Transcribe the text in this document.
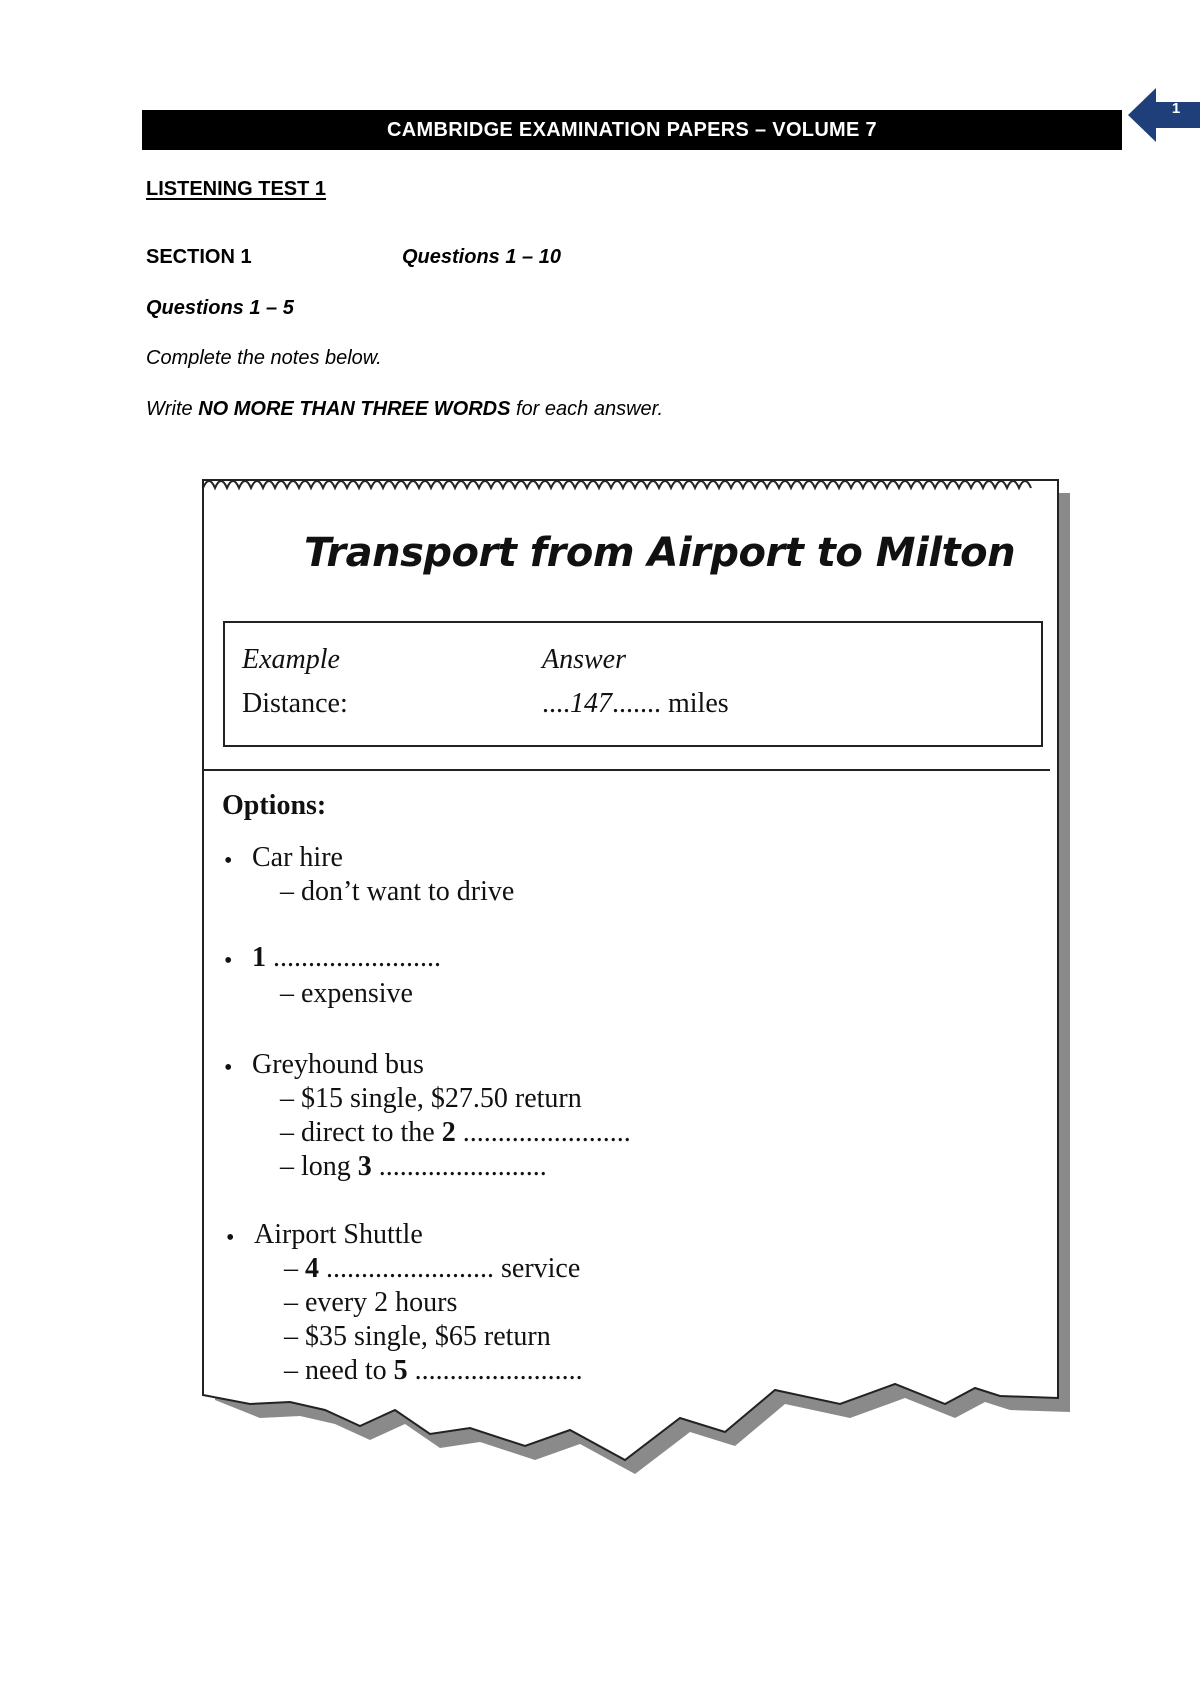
CAMBRIDGE EXAMINATION PAPERS – VOLUME 7
1
LISTENING TEST 1
SECTION 1	Questions 1 – 10
Questions 1 – 5
Complete the notes below.
Write NO MORE THAN THREE WORDS for each answer.
Transport from Airport to Milton
Example	Answer
Distance:	....147....... miles
Options:
• Car hire
– don’t want to drive
• 1 ........................
– expensive
• Greyhound bus
– $15 single, $27.50 return
– direct to the 2 ........................
– long 3 ........................
• Airport Shuttle
– 4 ........................ service
– every 2 hours
– $35 single, $65 return
– need to 5 ........................
